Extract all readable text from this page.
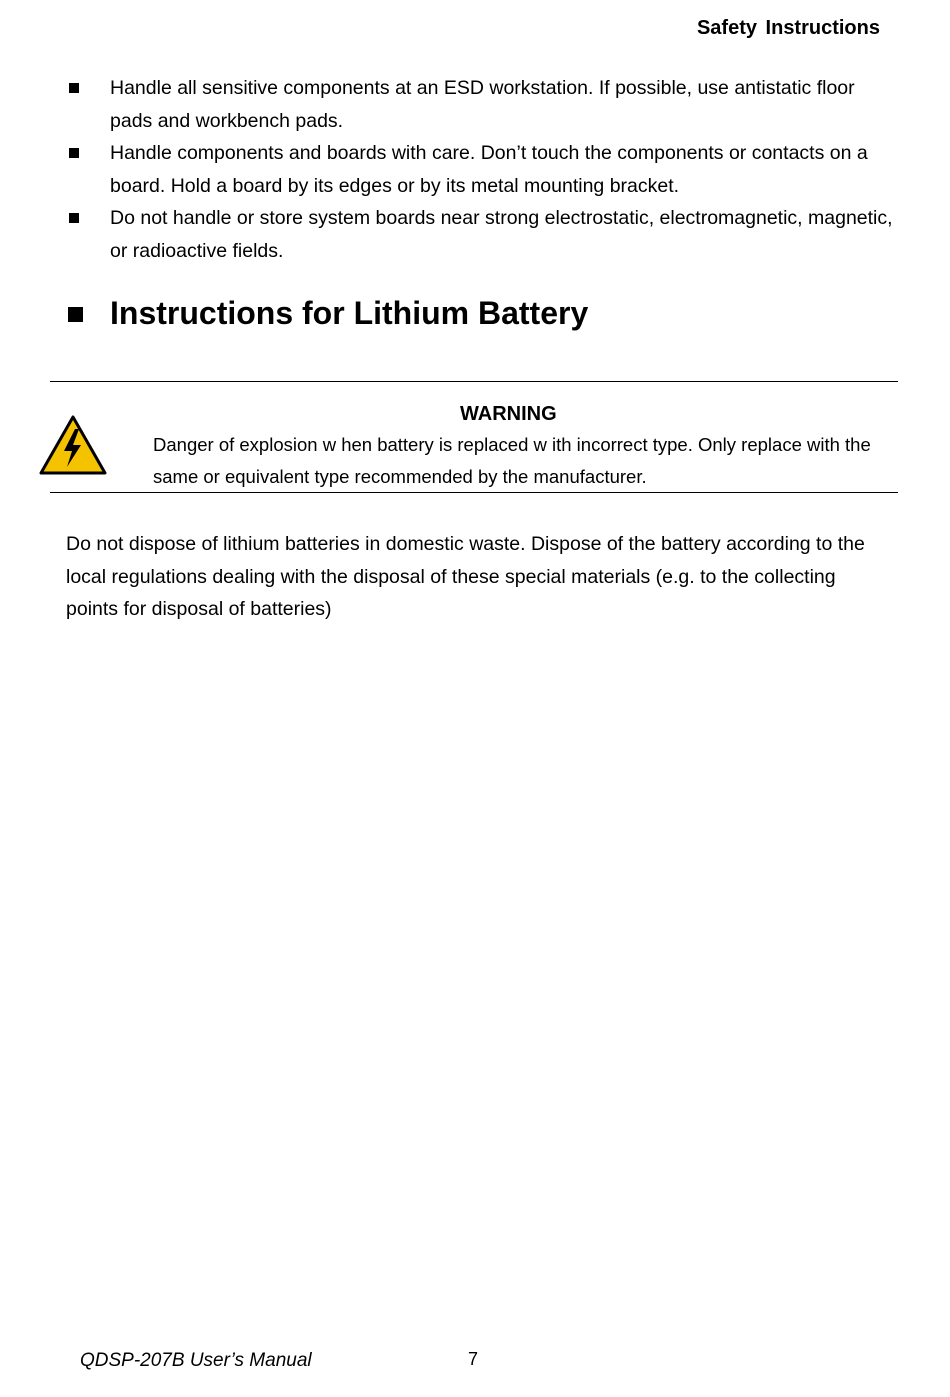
Safety Instructions
Handle all sensitive components at an ESD workstation. If possible, use antistatic floor pads and workbench pads.
Handle components and boards with care. Don’t touch the components or contacts on a board. Hold a board by its edges or by its metal mounting bracket.
Do not handle or store system boards near strong electrostatic, electromagnetic, magnetic, or radioactive fields.
Instructions for Lithium Battery
WARNING
Danger of explosion w hen battery is replaced w ith incorrect type. Only replace with the same or equivalent type recommended by the manufacturer.
Do not dispose of lithium batteries in domestic waste. Dispose of the battery according to the local regulations dealing with the disposal of these special materials (e.g. to the collecting points for disposal of batteries)
QDSP-207B User’s Manual	7
